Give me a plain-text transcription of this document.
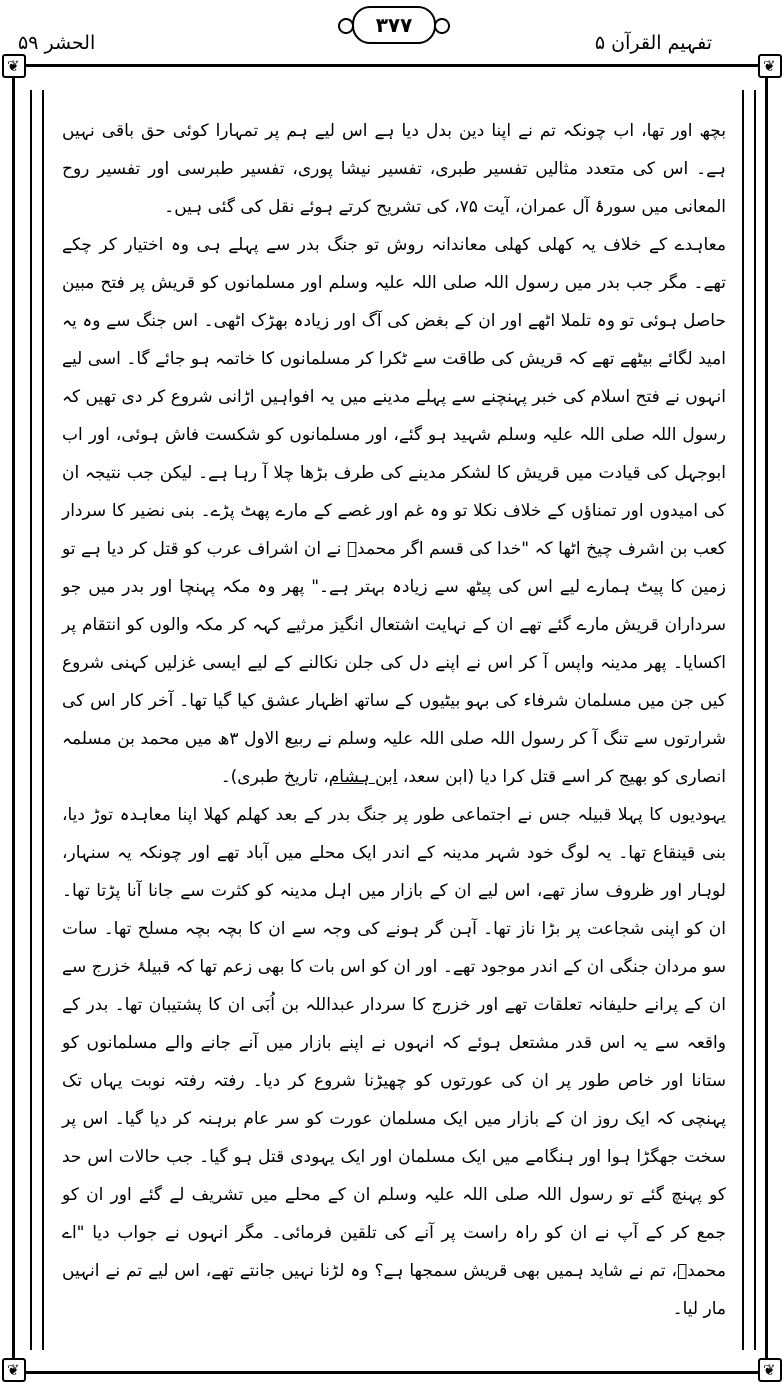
الحشر ۵۹
۳۷۷
تفہیم القرآن ۵
❦	❦
❦	❦

بچھ اور تھا، اب چونکہ تم نے اپنا دین بدل دیا ہے اس لیے ہم پر تمہارا کوئی حق باقی نہیں ہے۔ اس کی متعدد مثالیں تفسیر طبری، تفسیر نیشا پوری، تفسیر طبرسی اور تفسیر روح المعانی میں سورۂ آل عمران، آیت ۷۵، کی تشریح کرتے ہوئے نقل کی گئی ہیں۔

معاہدے کے خلاف یہ کھلی کھلی معاندانہ روش تو جنگ بدر سے پہلے ہی وہ اختیار کر چکے تھے۔ مگر جب بدر میں رسول اللہ صلی اللہ علیہ وسلم اور مسلمانوں کو قریش پر فتح مبین حاصل ہوئی تو وہ تلملا اٹھے اور ان کے بغض کی آگ اور زیادہ بھڑک اٹھی۔ اس جنگ سے وہ یہ امید لگائے بیٹھے تھے کہ قریش کی طاقت سے ٹکرا کر مسلمانوں کا خاتمہ ہو جائے گا۔ اسی لیے انہوں نے فتح اسلام کی خبر پہنچنے سے پہلے مدینے میں یہ افواہیں اڑانی شروع کر دی تھیں کہ رسول اللہ صلی اللہ علیہ وسلم شہید ہو گئے، اور مسلمانوں کو شکست فاش ہوئی، اور اب ابوجہل کی قیادت میں قریش کا لشکر مدینے کی طرف بڑھا چلا آ رہا ہے۔ لیکن جب نتیجہ ان کی امیدوں اور تمناؤں کے خلاف نکلا تو وہ غم اور غصے کے مارے پھٹ پڑے۔ بنی نضیر کا سردار کعب بن اشرف چیخ اٹھا کہ "خدا کی قسم اگر محمدؐ نے ان اشراف عرب کو قتل کر دیا ہے تو زمین کا پیٹ ہمارے لیے اس کی پیٹھ سے زیادہ بہتر ہے۔" پھر وہ مکہ پہنچا اور بدر میں جو سرداران قریش مارے گئے تھے ان کے نہایت اشتعال انگیز مرثیے کہہ کر مکہ والوں کو انتقام پر اکسایا۔ پھر مدینہ واپس آ کر اس نے اپنے دل کی جلن نکالنے کے لیے ایسی غزلیں کہنی شروع کیں جن میں مسلمان شرفاء کی بہو بیٹیوں کے ساتھ اظہار عشق کیا گیا تھا۔ آخر کار اس کی شرارتوں سے تنگ آ کر رسول اللہ صلی اللہ علیہ وسلم نے ربیع الاول ۳ھ میں محمد بن مسلمہ انصاری کو بھیج کر اسے قتل کرا دیا (ابن سعد، ابن ہشام، تاریخ طبری)۔

یہودیوں کا پہلا قبیلہ جس نے اجتماعی طور پر جنگ بدر کے بعد کھلم کھلا اپنا معاہدہ توڑ دیا، بنی قینقاع تھا۔ یہ لوگ خود شہر مدینہ کے اندر ایک محلے میں آباد تھے اور چونکہ یہ سنہار، لوہار اور ظروف ساز تھے، اس لیے ان کے بازار میں اہل مدینہ کو کثرت سے جانا آنا پڑتا تھا۔ ان کو اپنی شجاعت پر بڑا ناز تھا۔ آہن گر ہونے کی وجہ سے ان کا بچہ بچہ مسلح تھا۔ سات سو مردان جنگی ان کے اندر موجود تھے۔ اور ان کو اس بات کا بھی زعم تھا کہ قبیلۂ خزرج سے ان کے پرانے حلیفانہ تعلقات تھے اور خزرج کا سردار عبداللہ بن اُبَی ان کا پشتیبان تھا۔ بدر کے واقعہ سے یہ اس قدر مشتعل ہوئے کہ انہوں نے اپنے بازار میں آنے جانے والے مسلمانوں کو ستانا اور خاص طور پر ان کی عورتوں کو چھیڑنا شروع کر دیا۔ رفتہ رفتہ نوبت یہاں تک پہنچی کہ ایک روز ان کے بازار میں ایک مسلمان عورت کو سر عام برہنہ کر دیا گیا۔ اس پر سخت جھگڑا ہوا اور ہنگامے میں ایک مسلمان اور ایک یہودی قتل ہو گیا۔ جب حالات اس حد کو پہنچ گئے تو رسول اللہ صلی اللہ علیہ وسلم ان کے محلے میں تشریف لے گئے اور ان کو جمع کر کے آپ نے ان کو راہ راست پر آنے کی تلقین فرمائی۔ مگر انہوں نے جواب دیا "اے محمدؐ، تم نے شاید ہمیں بھی قریش سمجھا ہے؟ وہ لڑنا نہیں جانتے تھے، اس لیے تم نے انہیں مار لیا۔
